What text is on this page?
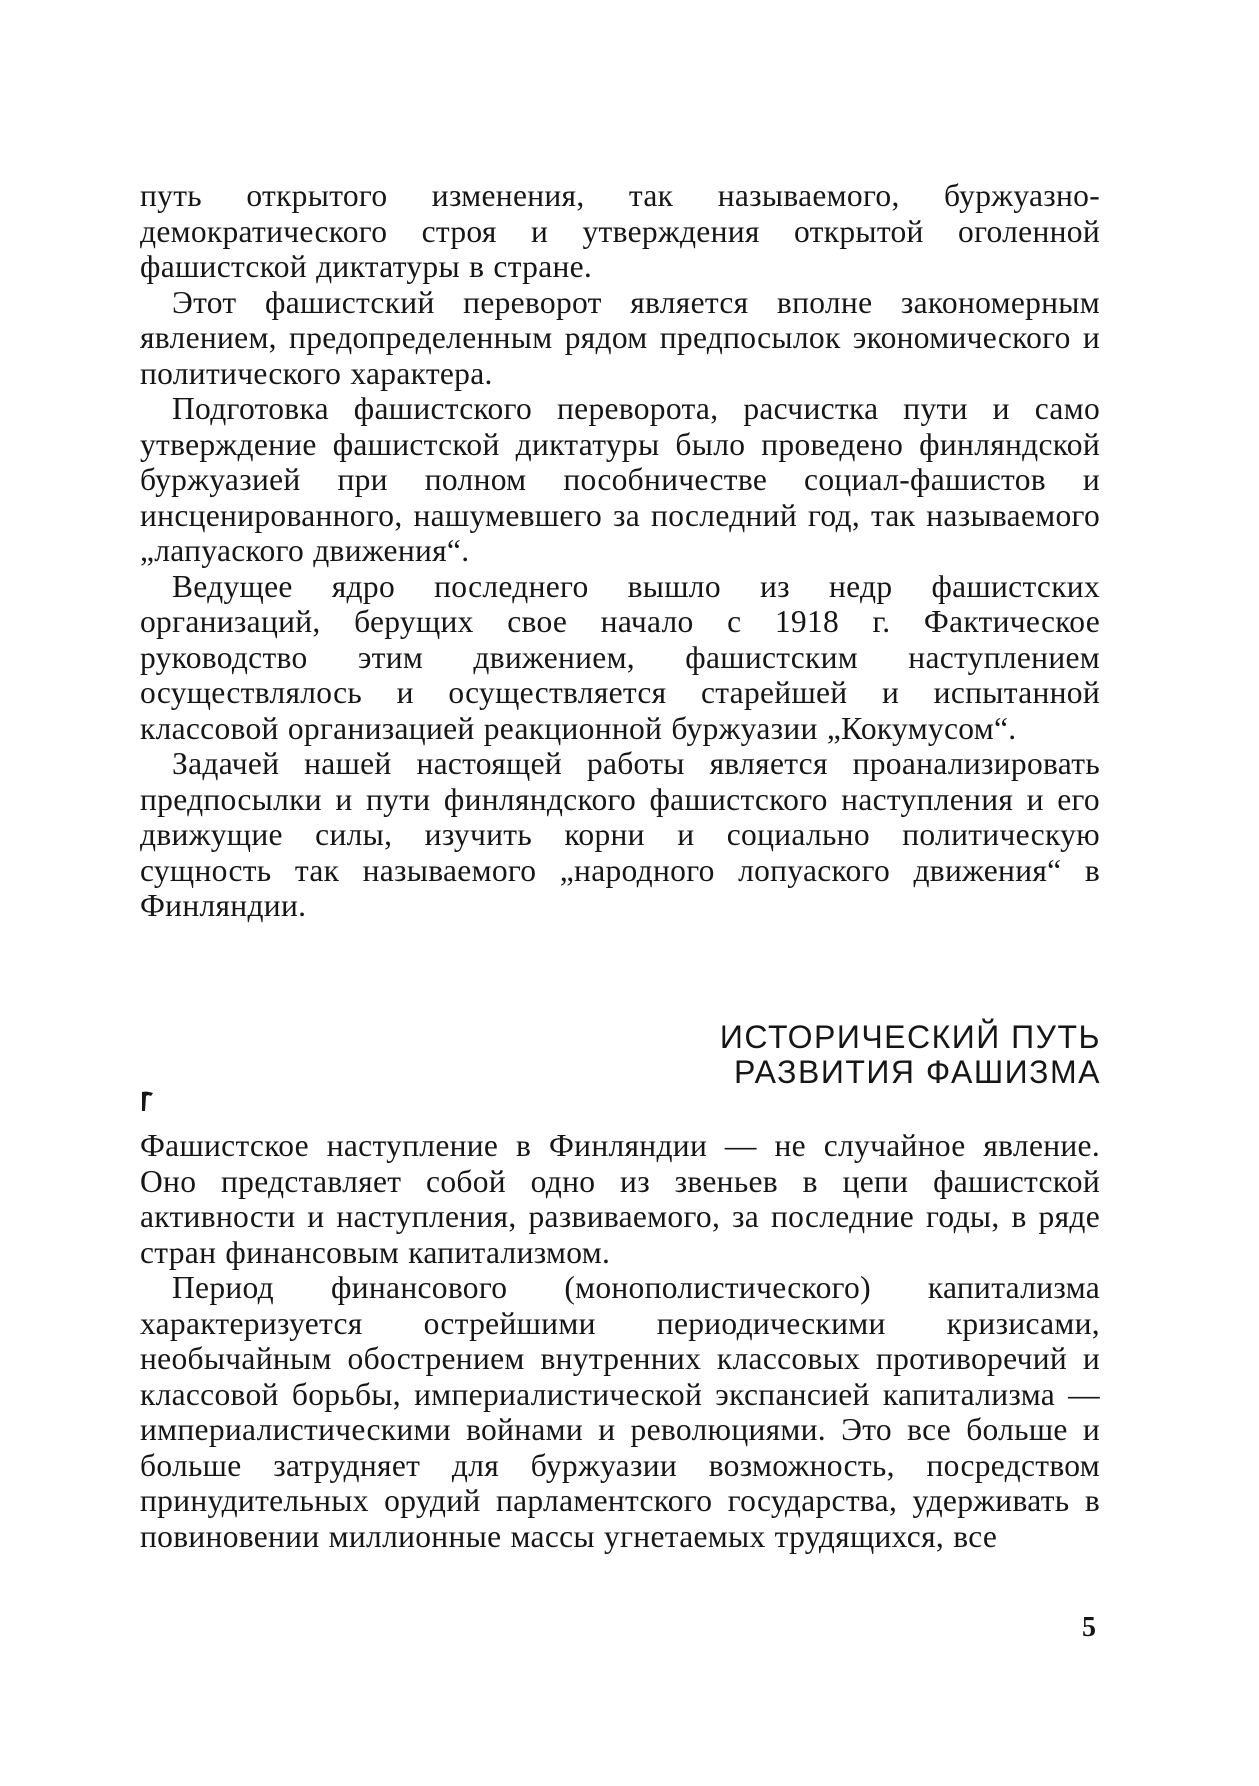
путь открытого изменения, так называемого, буржуазно-демократического строя и утверждения открытой оголенной фашистской диктатуры в стране.

Этот фашистский переворот является вполне закономерным явлением, предопределенным рядом предпосылок экономического и политического характера.

Подготовка фашистского переворота, расчистка пути и само утверждение фашистской диктатуры было проведено финляндской буржуазией при полном пособничестве социал-фашистов и инсценированного, нашумевшего за последний год, так называемого „лапуаского движения“.

Ведущее ядро последнего вышло из недр фашистских организаций, берущих свое начало с 1918 г. Фактическое руководство этим движением, фашистским наступлением осуществлялось и осуществляется старейшей и испытанной классовой организацией реакционной буржуазии „Кокумусом“.

Задачей нашей настоящей работы является проанализировать предпосылки и пути финляндского фашистского наступления и его движущие силы, изучить корни и социально политическую сущность так называемого „народного лопуаского движения“ в Финляндии.

ИСТОРИЧЕСКИЙ ПУТЬ
РАЗВИТИЯ ФАШИЗМА

Фашистское наступление в Финляндии — не случайное явление. Оно представляет собой одно из звеньев в цепи фашистской активности и наступления, развиваемого, за последние годы, в ряде стран финансовым капитализмом.

Период финансового (монополистического) капитализма характеризуется острейшими периодическими кризисами, необычайным обострением внутренних классовых противоречий и классовой борьбы, империалистической экспансией капитализма — империалистическими войнами и революциями. Это все больше и больше затрудняет для буржуазии возможность, посредством принудительных орудий парламентского государства, удерживать в повиновении миллионные массы угнетаемых трудящихся, все

5
